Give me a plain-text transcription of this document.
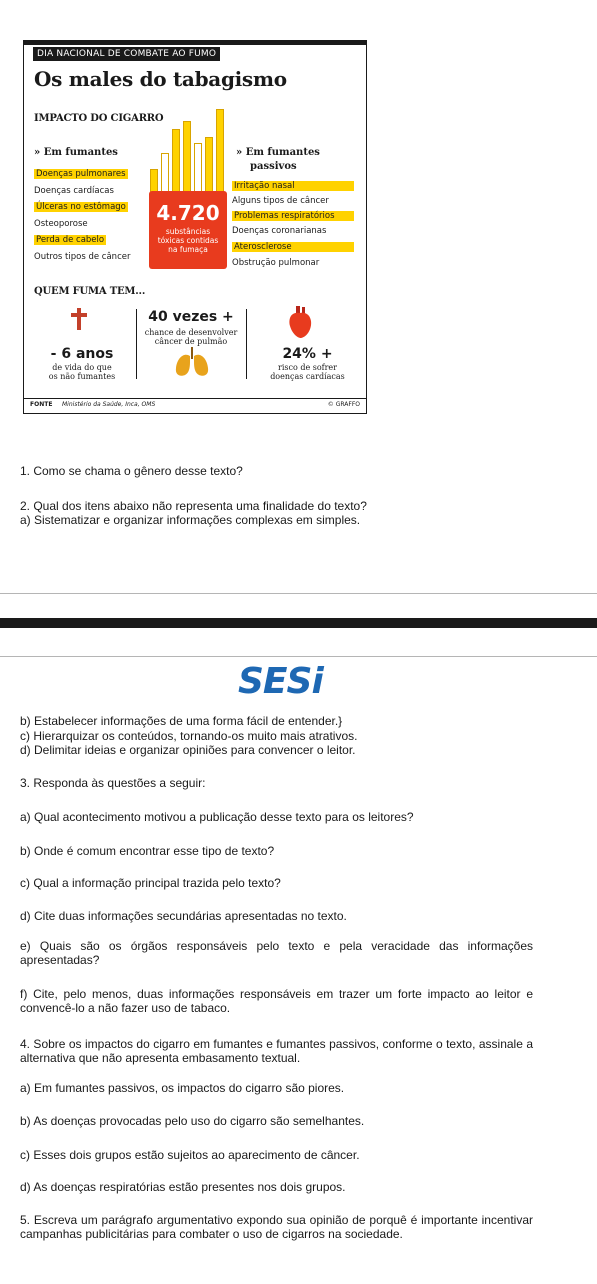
DIA NACIONAL DE COMBATE AO FUMO
Os males do tabagismo
IMPACTO DO CIGARRO
» Em fumantes
Doenças pulmonares
Doenças cardíacas
Úlceras no estômago
Osteoporose
Perda de cabelo
Outros tipos de câncer
4.720
substâncias
tóxicas contidas
na fumaça
» Em fumantes
passivos
Irritação nasal
Alguns tipos de câncer
Problemas respiratórios
Doenças coronarianas
Aterosclerose
Obstrução pulmonar
QUEM FUMA TEM...
- 6 anos
de vida do que
os não fumantes
40 vezes +
chance de desenvolver
câncer de pulmão
24% +
risco de sofrer
doenças cardíacas
FONTE Ministério da Saúde, Inca, OMS	© GRAFFO
1. Como se chama o gênero desse texto?
2. Qual dos itens abaixo não representa uma finalidade do texto?
a) Sistematizar e organizar informações complexas em simples.
SESi
b) Estabelecer informações de uma forma fácil de entender.}
c) Hierarquizar os conteúdos, tornando-os muito mais atrativos.
d) Delimitar ideias e organizar opiniões para convencer o leitor.
3. Responda às questões a seguir:
a) Qual acontecimento motivou a publicação desse texto para os leitores?
b) Onde é comum encontrar esse tipo de texto?
c) Qual a informação principal trazida pelo texto?
d) Cite duas informações secundárias apresentadas no texto.
e) Quais são os órgãos responsáveis pelo texto e pela veracidade das informações apresentadas?
f) Cite, pelo menos, duas informações responsáveis em trazer um forte impacto ao leitor e convencê-lo a não fazer uso de tabaco.
4. Sobre os impactos do cigarro em fumantes e fumantes passivos, conforme o texto, assinale a alternativa que não apresenta embasamento textual.
a) Em fumantes passivos, os impactos do cigarro são piores.
b) As doenças provocadas pelo uso do cigarro são semelhantes.
c) Esses dois grupos estão sujeitos ao aparecimento de câncer.
d) As doenças respiratórias estão presentes nos dois grupos.
5. Escreva um parágrafo argumentativo expondo sua opinião de porquê é importante incentivar campanhas publicitárias para combater o uso de cigarros na sociedade.
